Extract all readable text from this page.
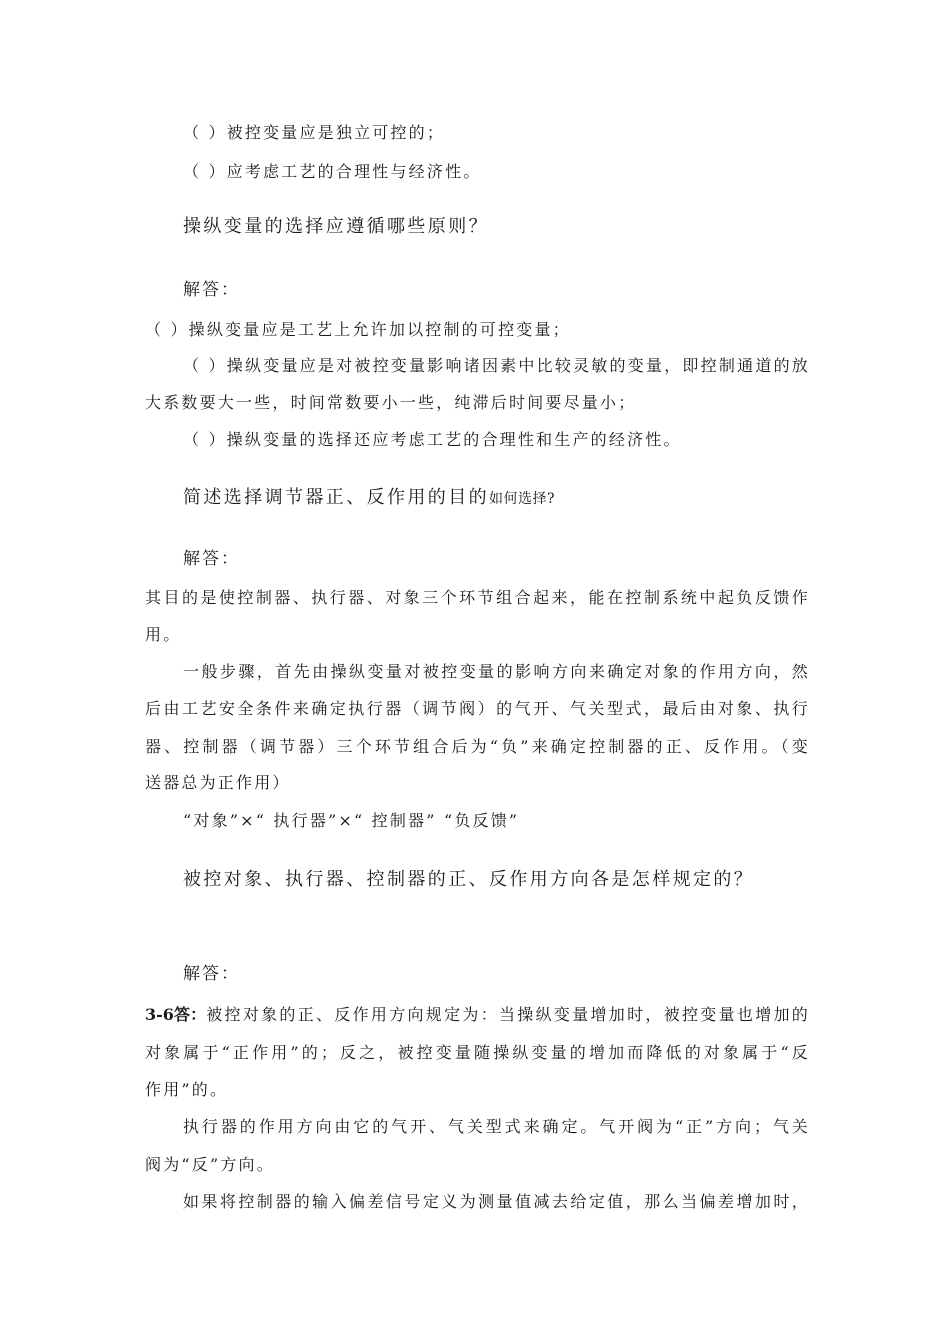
（ ）被控变量应是独立可控的；
（ ）应考虑工艺的合理性与经济性。
操纵变量的选择应遵循哪些原则？
解答：
（ ）操纵变量应是工艺上允许加以控制的可控变量；
（ ）操纵变量应是对被控变量影响诸因素中比较灵敏的变量，即控制通道的放
大系数要大一些，时间常数要小一些，纯滞后时间要尽量小；
（ ）操纵变量的选择还应考虑工艺的合理性和生产的经济性。
简述选择调节器正、反作用的目的如何选择?
解答：
其目的是使控制器、执行器、对象三个环节组合起来，能在控制系统中起负反馈作
用。
一般步骤，首先由操纵变量对被控变量的影响方向来确定对象的作用方向，然
后由工艺安全条件来确定执行器（调节阀）的气开、气关型式，最后由对象、执行
器、控制器（调节器）三个环节组合后为“负”来确定控制器的正、反作用。（变
送器总为正作用）
“对象”×“ 执行器”×“ 控制器” “负反馈”
被控对象、执行器、控制器的正、反作用方向各是怎样规定的？
解答：
3-6答：被控对象的正、反作用方向规定为：当操纵变量增加时，被控变量也增加的
对象属于“正作用”的；反之，被控变量随操纵变量的增加而降低的对象属于“反
作用”的。
执行器的作用方向由它的气开、气关型式来确定。气开阀为“正”方向；气关
阀为“反”方向。
如果将控制器的输入偏差信号定义为测量值减去给定值，那么当偏差增加时，
